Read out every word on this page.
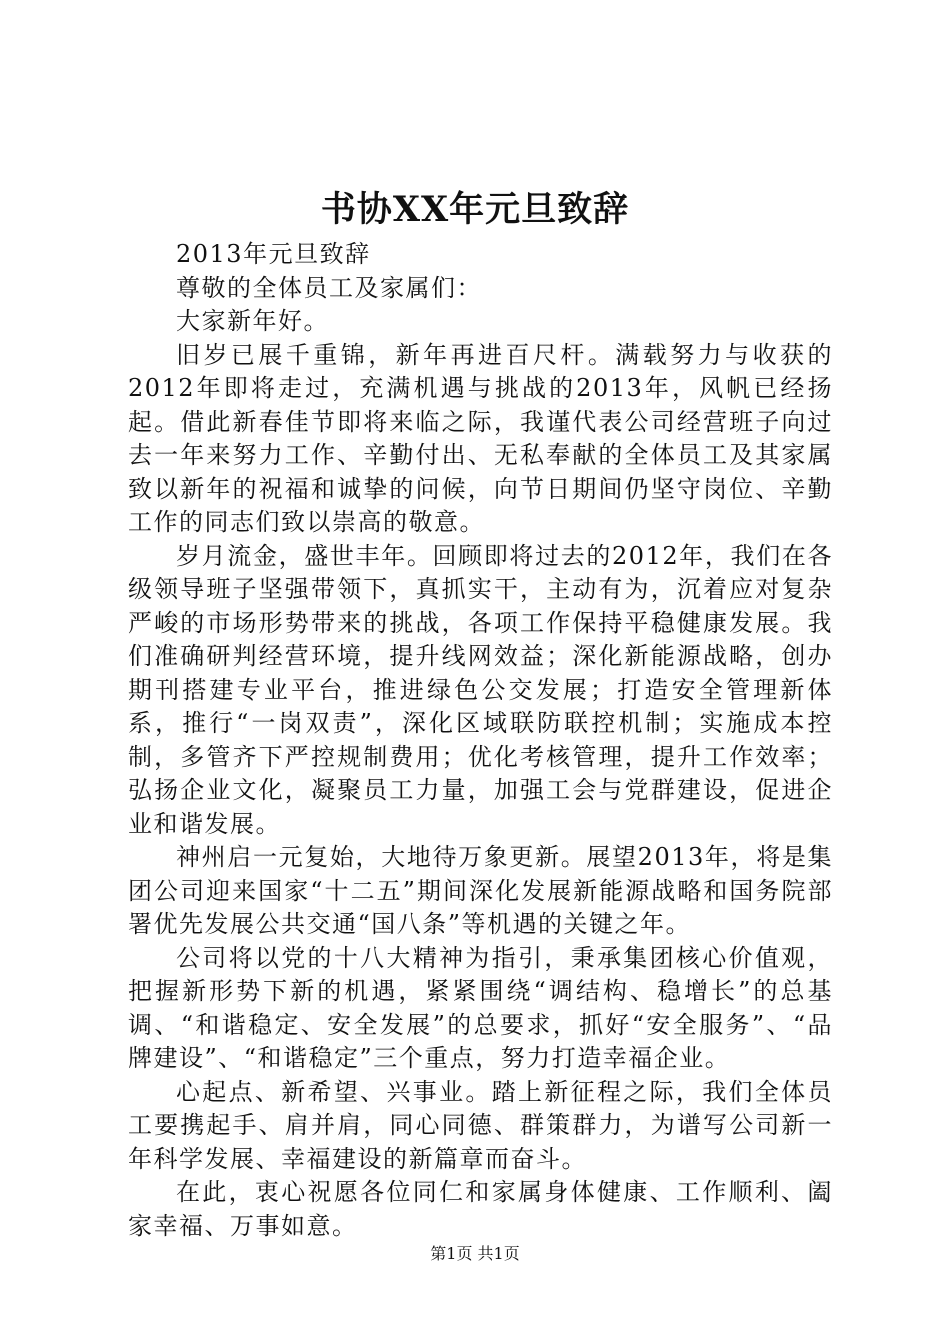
书协XX年元旦致辞

2013年元旦致辞

尊敬的全体员工及家属们：

大家新年好。

旧岁已展千重锦，新年再进百尺杆。满载努力与收获的2012年即将走过，充满机遇与挑战的2013年，风帆已经扬起。借此新春佳节即将来临之际，我谨代表公司经营班子向过去一年来努力工作、辛勤付出、无私奉献的全体员工及其家属致以新年的祝福和诚挚的问候，向节日期间仍坚守岗位、辛勤工作的同志们致以崇高的敬意。

岁月流金，盛世丰年。回顾即将过去的2012年，我们在各级领导班子坚强带领下，真抓实干，主动有为，沉着应对复杂严峻的市场形势带来的挑战，各项工作保持平稳健康发展。我们准确研判经营环境，提升线网效益；深化新能源战略，创办期刊搭建专业平台，推进绿色公交发展；打造安全管理新体系，推行“一岗双责”，深化区域联防联控机制；实施成本控制，多管齐下严控规制费用；优化考核管理，提升工作效率；弘扬企业文化，凝聚员工力量，加强工会与党群建设，促进企业和谐发展。

神州启一元复始，大地待万象更新。展望2013年，将是集团公司迎来国家“十二五”期间深化发展新能源战略和国务院部署优先发展公共交通“国八条”等机遇的关键之年。

公司将以党的十八大精神为指引，秉承集团核心价值观，把握新形势下新的机遇，紧紧围绕“调结构、稳增长”的总基调、“和谐稳定、安全发展”的总要求，抓好“安全服务”、“品牌建设”、“和谐稳定”三个重点，努力打造幸福企业。

心起点、新希望、兴事业。踏上新征程之际，我们全体员工要携起手、肩并肩，同心同德、群策群力，为谱写公司新一年科学发展、幸福建设的新篇章而奋斗。

在此，衷心祝愿各位同仁和家属身体健康、工作顺利、阖家幸福、万事如意。

第1页 共1页
